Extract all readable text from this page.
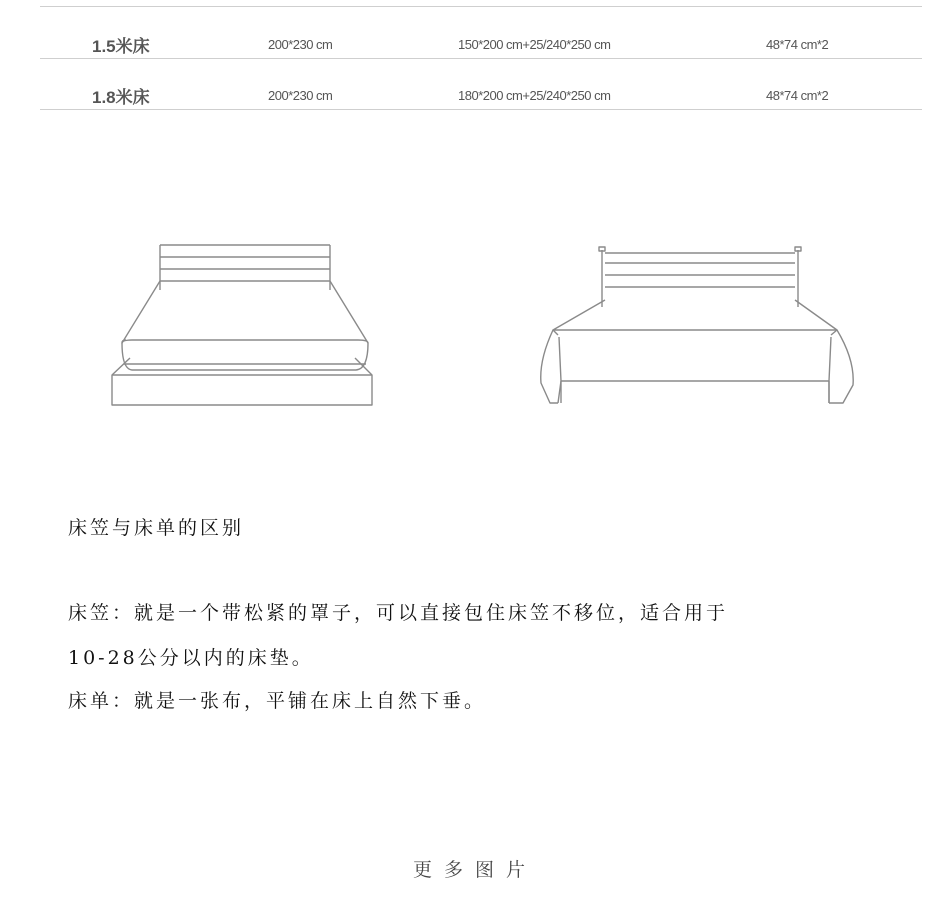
1.5米床	200*230 cm	150*200 cm+25/240*250 cm	48*74 cm*2
1.8米床	200*230 cm	180*200 cm+25/240*250 cm	48*74 cm*2
床笠与床单的区别
床笠：就是一个带松紧的罩子，可以直接包住床笠不移位，适合用于
10-28公分以内的床垫。
床单：就是一张布，平铺在床上自然下垂。
更多图片
